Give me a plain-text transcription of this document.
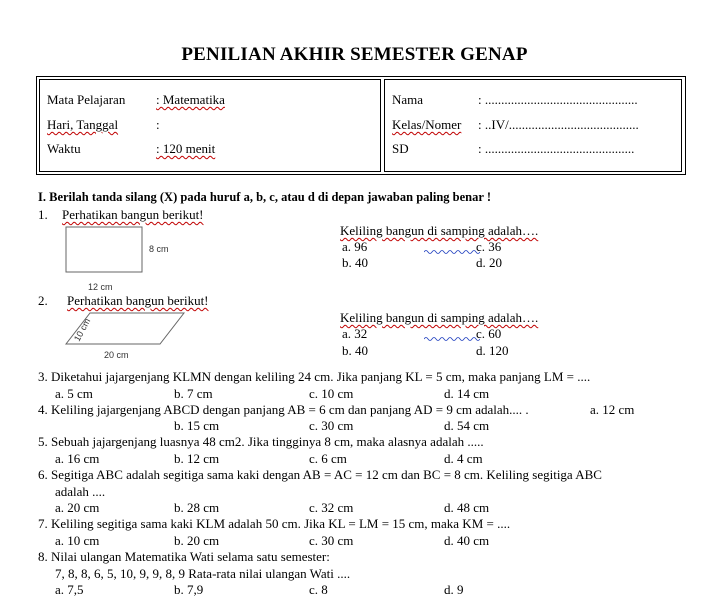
PENILIAN AKHIR SEMESTER GENAP
Mata Pelajaran : Matematika
Hari, Tanggal	:
Waktu	: 120 menit
Nama	: ...............................................
Kelas/Nomer : ..IV/........................................
SD	: ..............................................
I. Berilah tanda silang (X) pada huruf a, b, c, atau d di depan jawaban paling benar !
1. Perhatikan bangun berikut!
8 cm
12 cm
Keliling bangun di samping adalah….
a. 96
b. 40
c. 36
d. 20
2. Perhatikan bangun berikut!
10 cm
20 cm
Keliling bangun di samping adalah….
a. 32
b. 40
c. 60
d. 120
3. Diketahui jajargenjang KLMN dengan keliling 24 cm. Jika panjang KL = 5 cm, maka panjang LM = ....
a. 5 cm	b. 7 cm	c. 10 cm	d. 14 cm
4. Keliling jajargenjang ABCD dengan panjang AB = 6 cm dan panjang AD = 9 cm adalah.... .	a. 12 cm
b. 15 cm	c. 30 cm	d. 54 cm
5. Sebuah jajargenjang luasnya 48 cm2. Jika tingginya 8 cm, maka alasnya adalah .....
a. 16 cm	b. 12 cm	c. 6 cm	d. 4 cm
6. Segitiga ABC adalah segitiga sama kaki dengan AB = AC = 12 cm dan BC = 8 cm. Keliling segitiga ABC
adalah ....
a. 20 cm	b. 28 cm	c. 32 cm	d. 48 cm
7. Keliling segitiga sama kaki KLM adalah 50 cm. Jika KL = LM = 15 cm, maka KM = ....
a. 10 cm	b. 20 cm	c. 30 cm	d. 40 cm
8. Nilai ulangan Matematika Wati selama satu semester:
7, 8, 8, 6, 5, 10, 9, 9, 8, 9 Rata-rata nilai ulangan Wati ....
a. 7,5	b. 7,9	c. 8	d. 9
